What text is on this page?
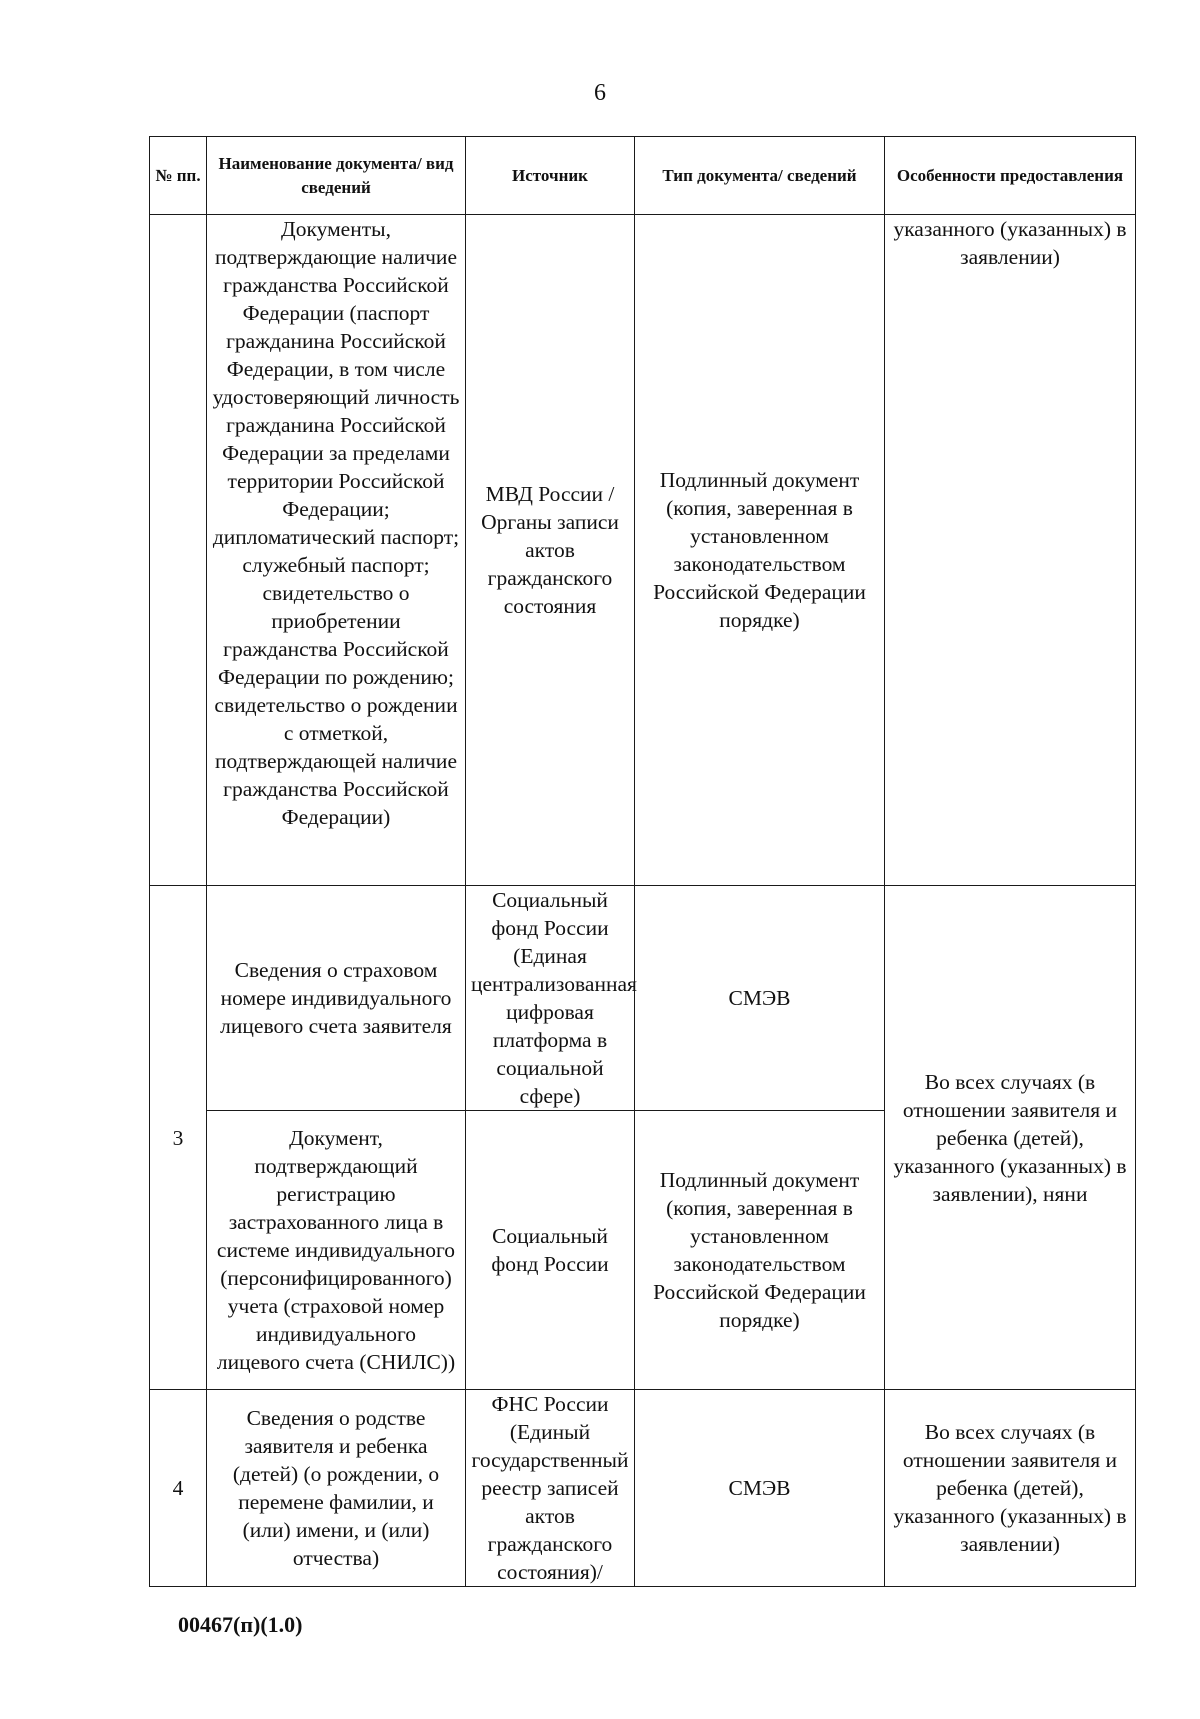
6
№ пп.	Наименование документа/ вид сведений	Источник	Тип документа/ сведений	Особенности предоставления
	Документы, подтверждающие наличие гражданства Российской Федерации (паспорт гражданина Российской Федерации, в том числе удостоверяющий личность гражданина Российской Федерации за пределами территории Российской Федерации; дипломатический паспорт; служебный паспорт; свидетельство о приобретении гражданства Российской Федерации по рождению; свидетельство о рождении с отметкой, подтверждающей наличие гражданства Российской Федерации)	МВД России / Органы записи актов гражданского состояния	Подлинный документ (копия, заверенная в установленном законодательством Российской Федерации порядке)	указанного (указанных) в заявлении)
3	Сведения о страховом номере индивидуального лицевого счета заявителя	Социальный фонд России (Единая централизованная цифровая платформа в социальной сфере)	СМЭВ	Во всех случаях (в отношении заявителя и ребенка (детей), указанного (указанных) в заявлении), няни
	Документ, подтверждающий регистрацию застрахованного лица в системе индивидуального (персонифицированного) учета (страховой номер индивидуального лицевого счета (СНИЛС))	Социальный фонд России	Подлинный документ (копия, заверенная в установленном законодательством Российской Федерации порядке)	
4	Сведения о родстве заявителя и ребенка (детей) (о рождении, о перемене фамилии, и (или) имени, и (или) отчества)	ФНС России (Единый государственный реестр записей актов гражданского состояния)/	СМЭВ	Во всех случаях (в отношении заявителя и ребенка (детей), указанного (указанных) в заявлении)
00467(п)(1.0)
